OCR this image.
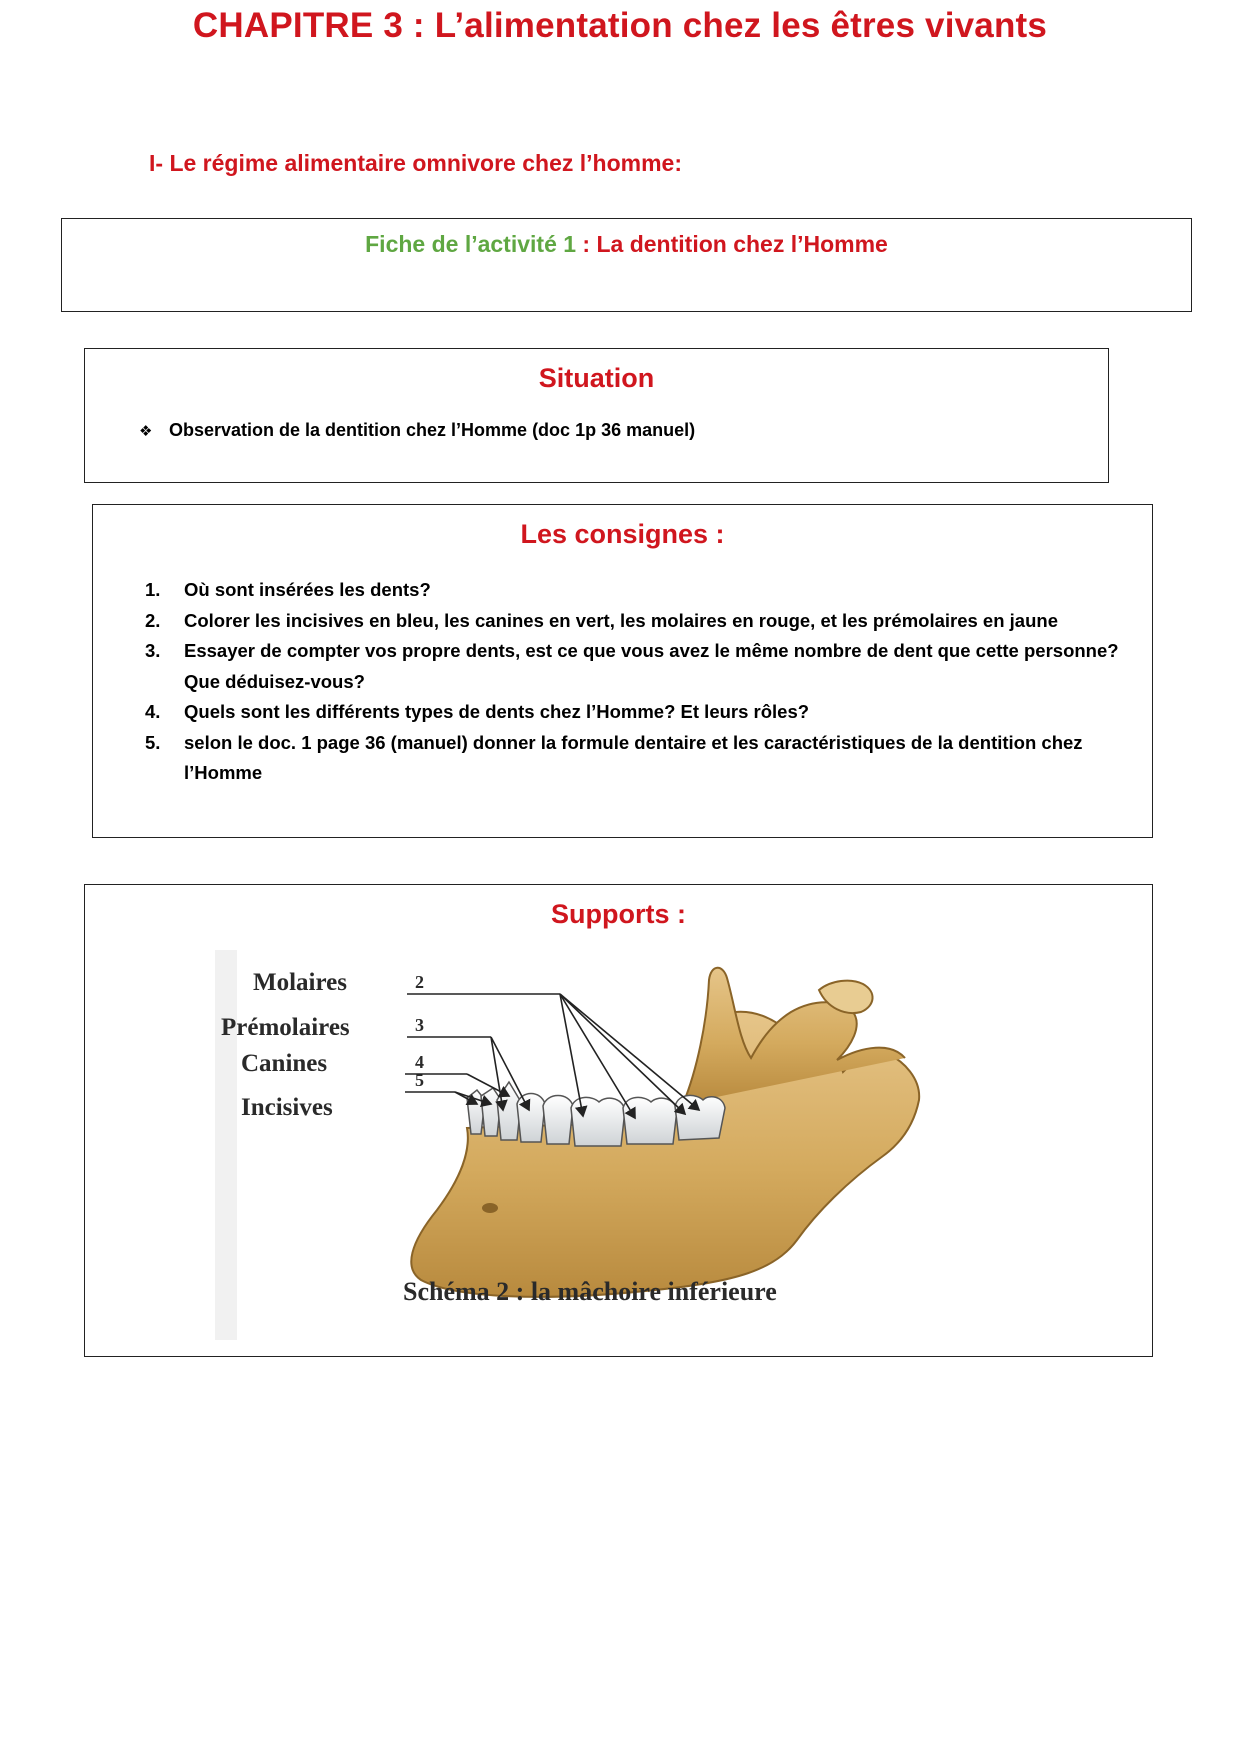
CHAPITRE 3 : L’alimentation chez les êtres vivants
I- Le régime alimentaire omnivore chez l’homme:
Fiche de l’activité 1 : La dentition chez l’Homme
Situation
❖ Observation de la dentition chez l’Homme (doc 1p 36 manuel)
Les consignes :
1. Où sont insérées les dents?
2. Colorer les incisives en bleu, les canines en vert, les molaires en rouge, et les prémolaires en jaune
3. Essayer de compter vos propre dents, est ce que vous avez le même nombre de dent que cette personne? Que déduisez-vous?
4. Quels sont les différents types de dents chez l’Homme? Et leurs rôles?
5. selon le doc. 1 page 36 (manuel) donner la formule dentaire et les caractéristiques de la dentition chez l’Homme
Supports :
Molaires
Prémolaires
Canines
Incisives
2
3
4
5
Schéma 2 : la mâchoire inférieure
